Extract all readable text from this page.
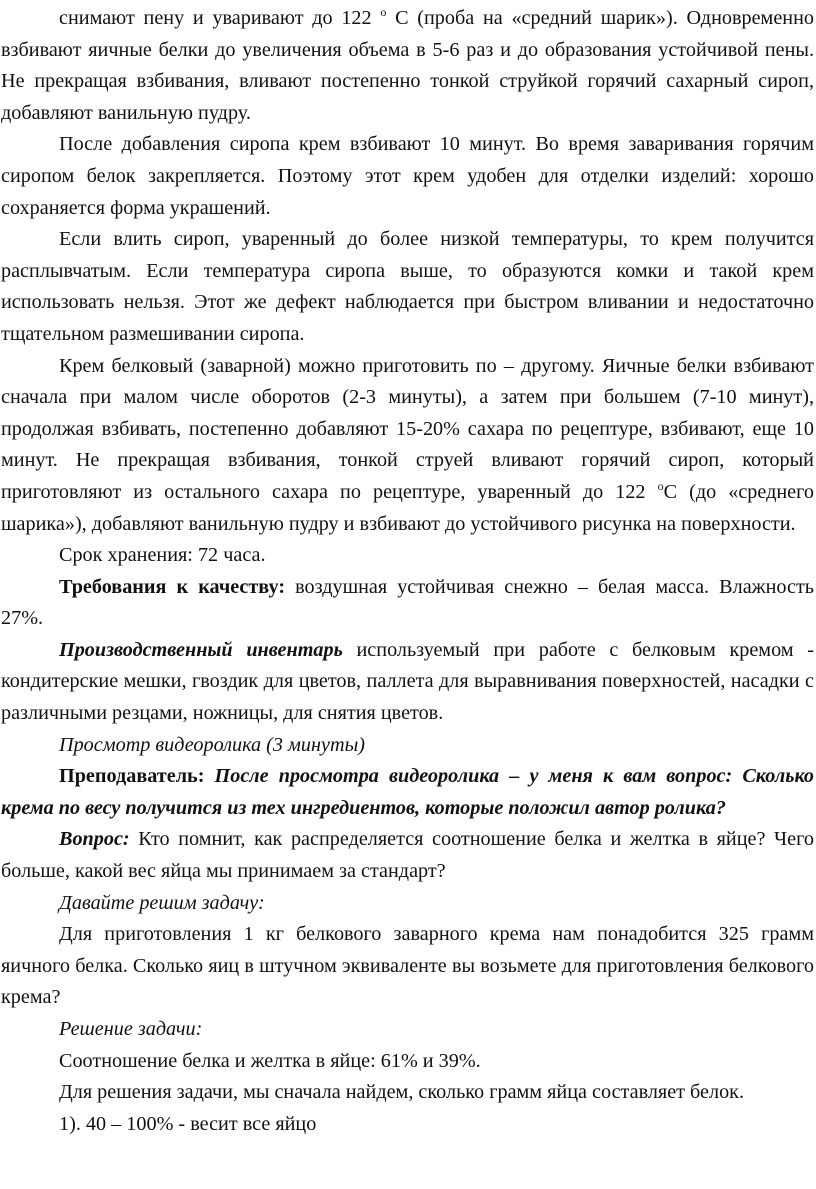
снимают пену и уваривают до 122 $^о$ С (проба на «средний шарик»). Одновременно взбивают яичные белки до увеличения объема в 5-6 раз и до образования устойчивой пены. Не прекращая взбивания, вливают постепенно тонкой струйкой горячий сахарный сироп, добавляют ванильную пудру.

После добавления сиропа крем взбивают 10 минут. Во время заваривания горячим сиропом белок закрепляется. Поэтому этот крем удобен для отделки изделий: хорошо сохраняется форма украшений.

Если влить сироп, уваренный до более низкой температуры, то крем получится расплывчатым. Если температура сиропа выше, то образуются комки и такой крем использовать нельзя. Этот же дефект наблюдается при быстром вливании и недостаточно тщательном размешивании сиропа.

Крем белковый (заварной) можно приготовить по – другому. Яичные белки взбивают сначала при малом числе оборотов (2-3 минуты), а затем при большем (7-10 минут), продолжая взбивать, постепенно добавляют 15-20% сахара по рецептуре, взбивают, еще 10 минут. Не прекращая взбивания, тонкой струей вливают горячий сироп, который приготовляют из остального сахара по рецептуре, уваренный до 122 $^о$С (до «среднего шарика»), добавляют ванильную пудру и взбивают до устойчивого рисунка на поверхности.

Срок хранения: 72 часа.

Требования к качеству: воздушная устойчивая снежно – белая масса. Влажность 27%.

Производственный инвентарь используемый при работе с белковым кремом - кондитерские мешки, гвоздик для цветов, паллета для выравнивания поверхностей, насадки с различными резцами, ножницы, для снятия цветов.

Просмотр видеоролика (3 минуты)

Преподаватель: После просмотра видеоролика – у меня к вам вопрос: Сколько крема по весу получится из тех ингредиентов, которые положил автор ролика?

Вопрос: Кто помнит, как распределяется соотношение белка и желтка в яйце? Чего больше, какой вес яйца мы принимаем за стандарт?

Давайте решим задачу:

Для приготовления 1 кг белкового заварного крема нам понадобится 325 грамм яичного белка. Сколько яиц в штучном эквиваленте вы возьмете для приготовления белкового крема?

Решение задачи:

Соотношение белка и желтка в яйце: 61% и 39%.

Для решения задачи, мы сначала найдем, сколько грамм яйца составляет белок.

1). 40 – 100% - весит все яйцо
